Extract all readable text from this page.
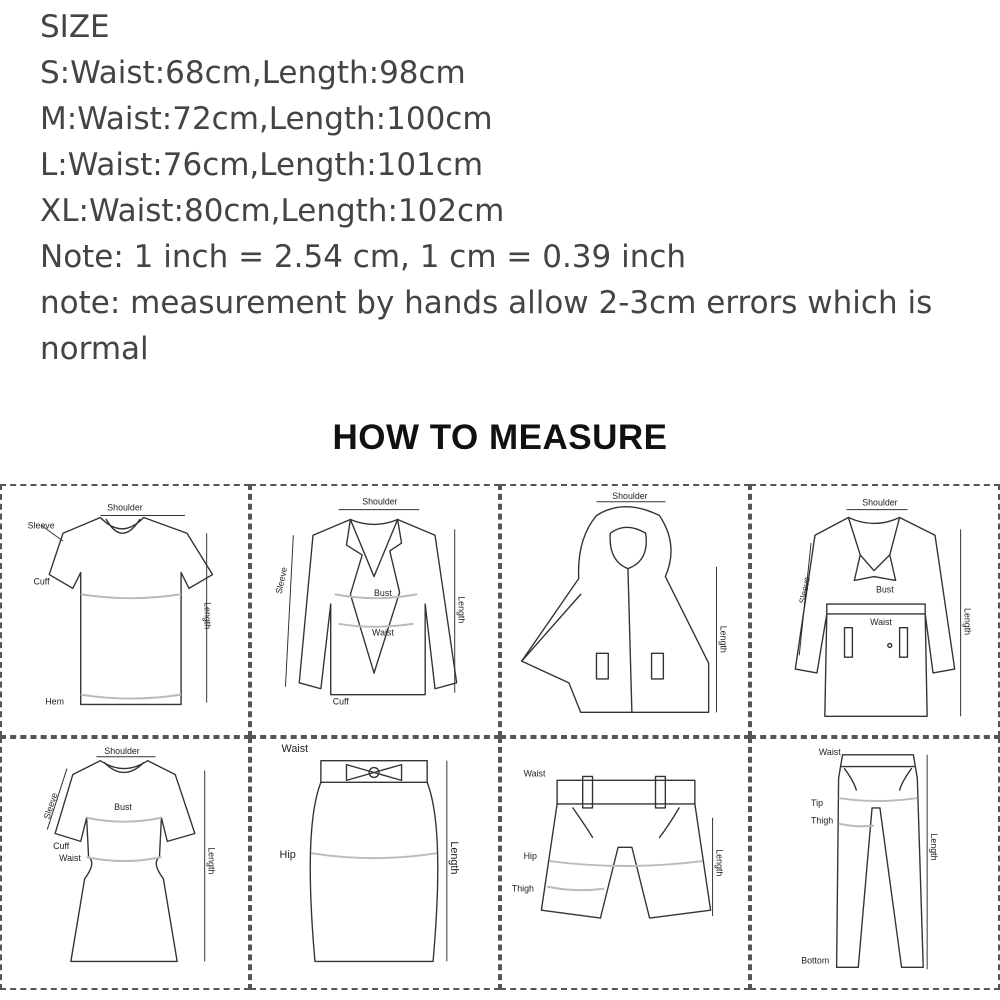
SIZE
S:Waist:68cm,Length:98cm
M:Waist:72cm,Length:100cm
L:Waist:76cm,Length:101cm
XL:Waist:80cm,Length:102cm
Note: 1 inch = 2.54 cm, 1 cm = 0.39 inch
note: measurement by hands allow 2-3cm errors which is normal
HOW TO MEASURE
Shoulder
Sleeve
Cuff
Length
Hem
Shoulder
Sleeve	Bust
Waist
Length
Cuff
Shoulder
Length
Shoulder
Sleeve	Bust
Waist	Length
Shoulder
Sleeve	Bust
Cuff
Waist	Length
Waist
Hip	Length
Waist
Hip
Thigh
Length
Waist
Tip
Thigh
Length
Bottom
